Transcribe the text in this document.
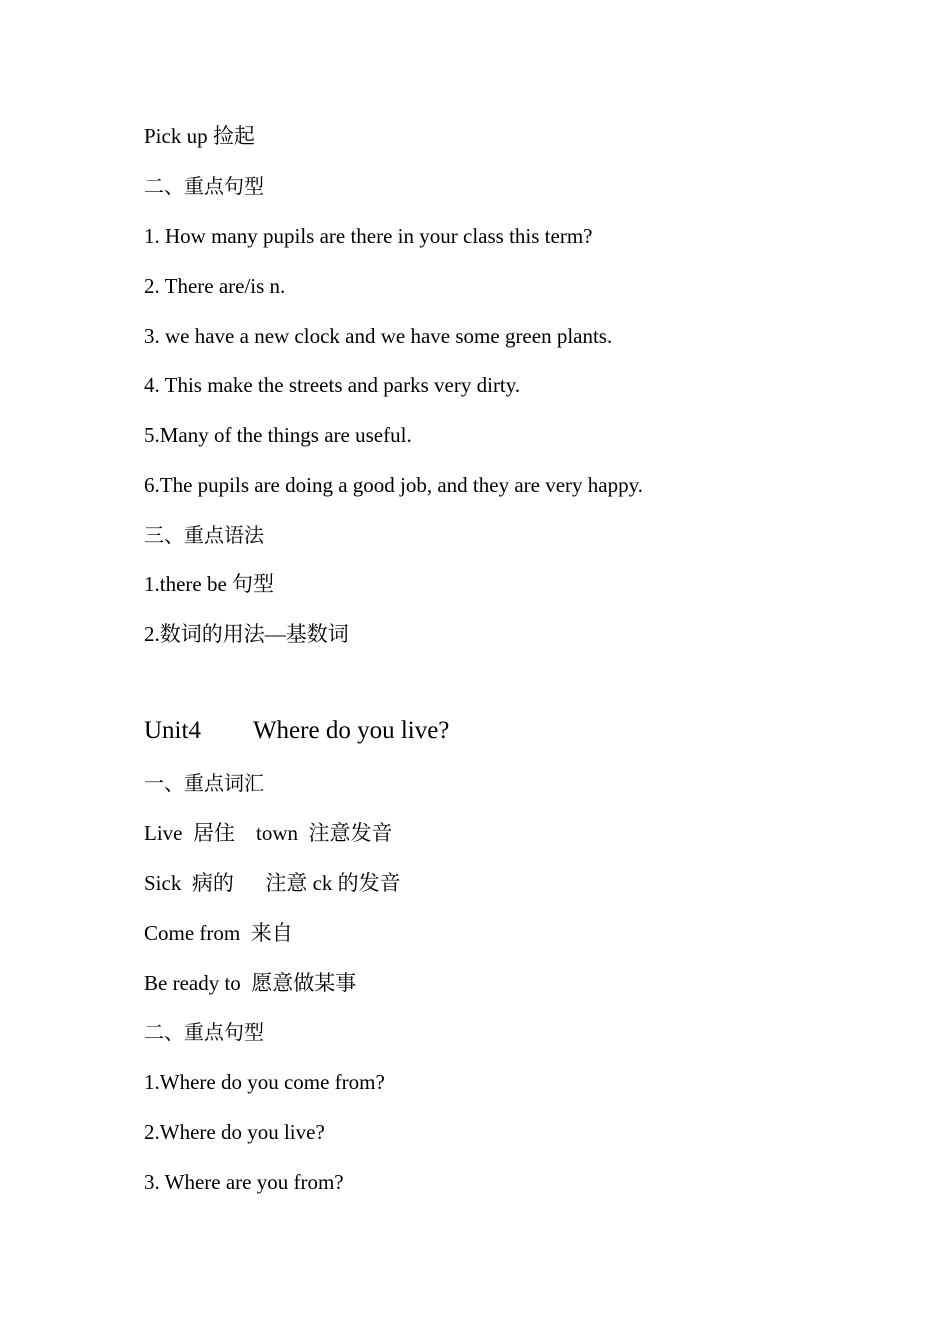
Pick up 捡起
二、重点句型
1. How many pupils are there in your class this term?
2. There are/is n.
3. we have a new clock and we have some green plants.
4. This make the streets and parks very dirty.
5.Many of the things are useful.
6.The pupils are doing a good job, and they are very happy.
三、重点语法
1.there be 句型
2.数词的用法—基数词
Unit4 Where do you live?
一、重点词汇
Live  居住    town  注意发音
Sick  病的      注意 ck 的发音
Come from  来自
Be ready to  愿意做某事
二、重点句型
1.Where do you come from?
2.Where do you live?
3. Where are you from?
